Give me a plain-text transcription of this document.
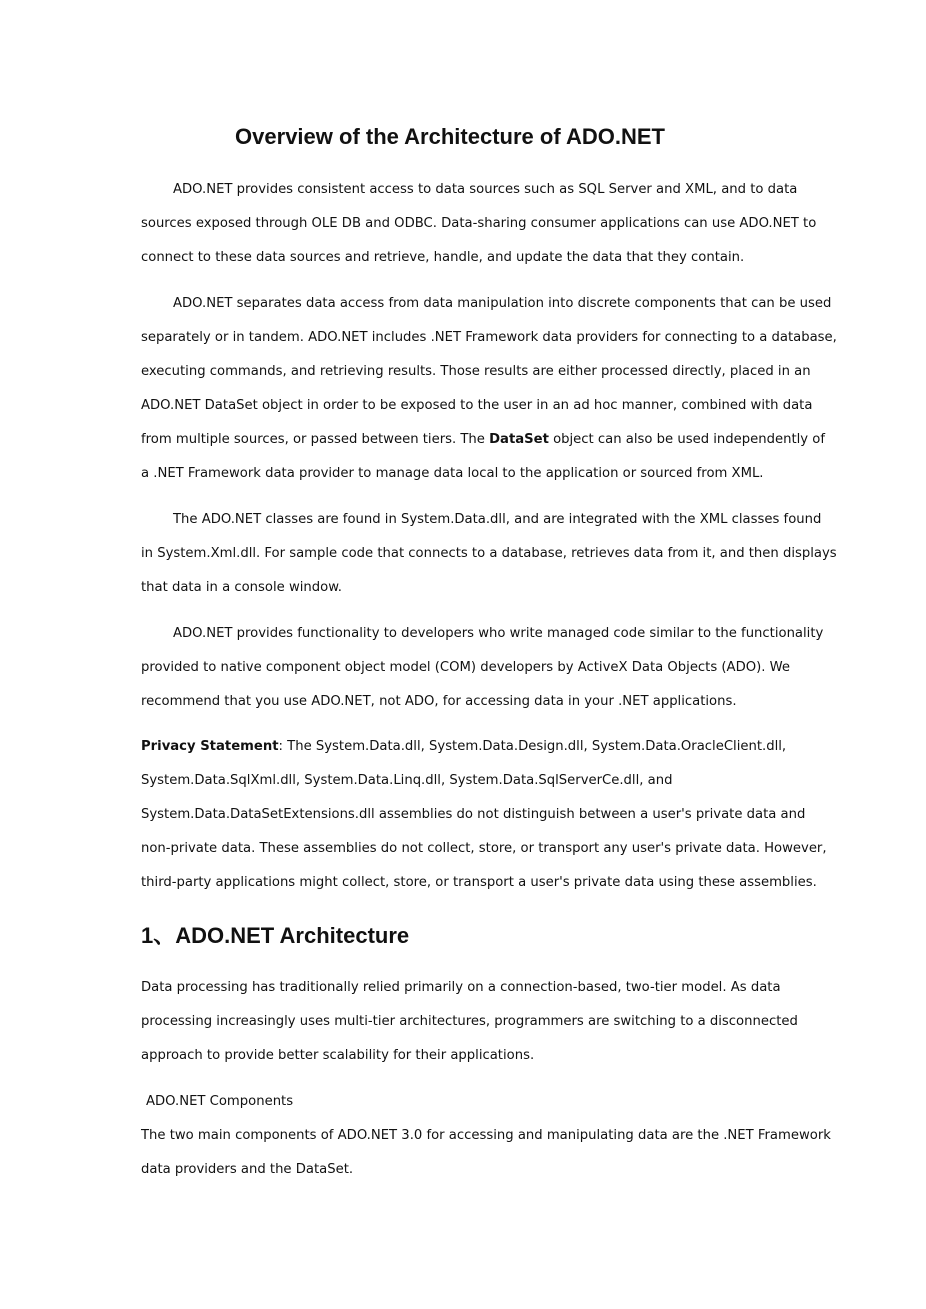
Overview of the Architecture of ADO.NET

ADO.NET provides consistent access to data sources such as SQL Server and XML, and to data
sources exposed through OLE DB and ODBC. Data-sharing consumer applications can use ADO.NET to
connect to these data sources and retrieve, handle, and update the data that they contain.

ADO.NET separates data access from data manipulation into discrete components that can be used
separately or in tandem. ADO.NET includes .NET Framework data providers for connecting to a database,
executing commands, and retrieving results. Those results are either processed directly, placed in an
ADO.NET DataSet object in order to be exposed to the user in an ad hoc manner, combined with data
from multiple sources, or passed between tiers. The DataSet object can also be used independently of
a .NET Framework data provider to manage data local to the application or sourced from XML.

The ADO.NET classes are found in System.Data.dll, and are integrated with the XML classes found
in System.Xml.dll. For sample code that connects to a database, retrieves data from it, and then displays
that data in a console window.

ADO.NET provides functionality to developers who write managed code similar to the functionality
provided to native component object model (COM) developers by ActiveX Data Objects (ADO). We
recommend that you use ADO.NET, not ADO, for accessing data in your .NET applications.

Privacy Statement: The System.Data.dll, System.Data.Design.dll, System.Data.OracleClient.dll,
System.Data.SqlXml.dll, System.Data.Linq.dll, System.Data.SqlServerCe.dll, and
System.Data.DataSetExtensions.dll assemblies do not distinguish between a user's private data and
non-private data. These assemblies do not collect, store, or transport any user's private data. However,
third-party applications might collect, store, or transport a user's private data using these assemblies.

1、ADO.NET Architecture

Data processing has traditionally relied primarily on a connection-based, two-tier model. As data
processing increasingly uses multi-tier architectures, programmers are switching to a disconnected
approach to provide better scalability for their applications.

ADO.NET Components

The two main components of ADO.NET 3.0 for accessing and manipulating data are the .NET Framework
data providers and the DataSet.
